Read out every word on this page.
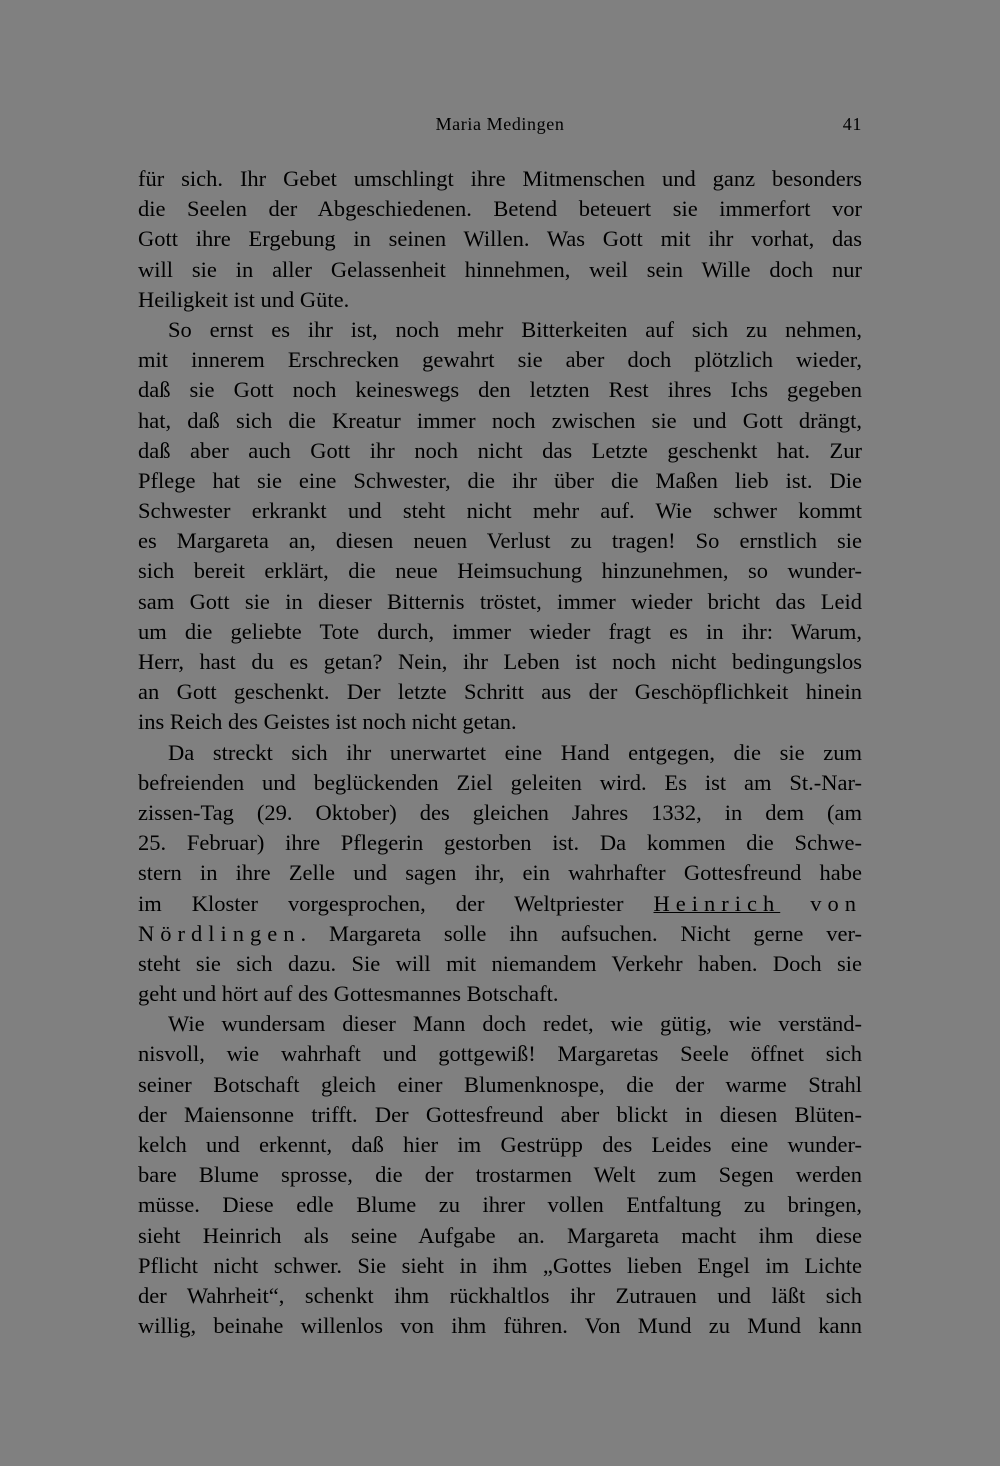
Maria Medingen	41
für sich. Ihr Gebet umschlingt ihre Mitmenschen und ganz besonders
die Seelen der Abgeschiedenen. Betend beteuert sie immerfort vor
Gott ihre Ergebung in seinen Willen. Was Gott mit ihr vorhat, das
will sie in aller Gelassenheit hinnehmen, weil sein Wille doch nur
Heiligkeit ist und Güte.
So ernst es ihr ist, noch mehr Bitterkeiten auf sich zu nehmen,
mit innerem Erschrecken gewahrt sie aber doch plötzlich wieder,
daß sie Gott noch keineswegs den letzten Rest ihres Ichs gegeben
hat, daß sich die Kreatur immer noch zwischen sie und Gott drängt,
daß aber auch Gott ihr noch nicht das Letzte geschenkt hat. Zur
Pflege hat sie eine Schwester, die ihr über die Maßen lieb ist. Die
Schwester erkrankt und steht nicht mehr auf. Wie schwer kommt
es Margareta an, diesen neuen Verlust zu tragen! So ernstlich sie
sich bereit erklärt, die neue Heimsuchung hinzunehmen, so wunder-
sam Gott sie in dieser Bitternis tröstet, immer wieder bricht das Leid
um die geliebte Tote durch, immer wieder fragt es in ihr: Warum,
Herr, hast du es getan? Nein, ihr Leben ist noch nicht bedingungslos
an Gott geschenkt. Der letzte Schritt aus der Geschöpflichkeit hinein
ins Reich des Geistes ist noch nicht getan.
Da streckt sich ihr unerwartet eine Hand entgegen, die sie zum
befreienden und beglückenden Ziel geleiten wird. Es ist am St.-Nar-
zissen-Tag (29. Oktober) des gleichen Jahres 1332, in dem (am
25. Februar) ihre Pflegerin gestorben ist. Da kommen die Schwe-
stern in ihre Zelle und sagen ihr, ein wahrhafter Gottesfreund habe
im Kloster vorgesprochen, der Weltpriester Heinrich von
Nördlingen. Margareta solle ihn aufsuchen. Nicht gerne ver-
steht sie sich dazu. Sie will mit niemandem Verkehr haben. Doch sie
geht und hört auf des Gottesmannes Botschaft.
Wie wundersam dieser Mann doch redet, wie gütig, wie verständ-
nisvoll, wie wahrhaft und gottgewiß! Margaretas Seele öffnet sich
seiner Botschaft gleich einer Blumenknospe, die der warme Strahl
der Maiensonne trifft. Der Gottesfreund aber blickt in diesen Blüten-
kelch und erkennt, daß hier im Gestrüpp des Leides eine wunder-
bare Blume sprosse, die der trostarmen Welt zum Segen werden
müsse. Diese edle Blume zu ihrer vollen Entfaltung zu bringen,
sieht Heinrich als seine Aufgabe an. Margareta macht ihm diese
Pflicht nicht schwer. Sie sieht in ihm „Gottes lieben Engel im Lichte
der Wahrheit“, schenkt ihm rückhaltlos ihr Zutrauen und läßt sich
willig, beinahe willenlos von ihm führen. Von Mund zu Mund kann
